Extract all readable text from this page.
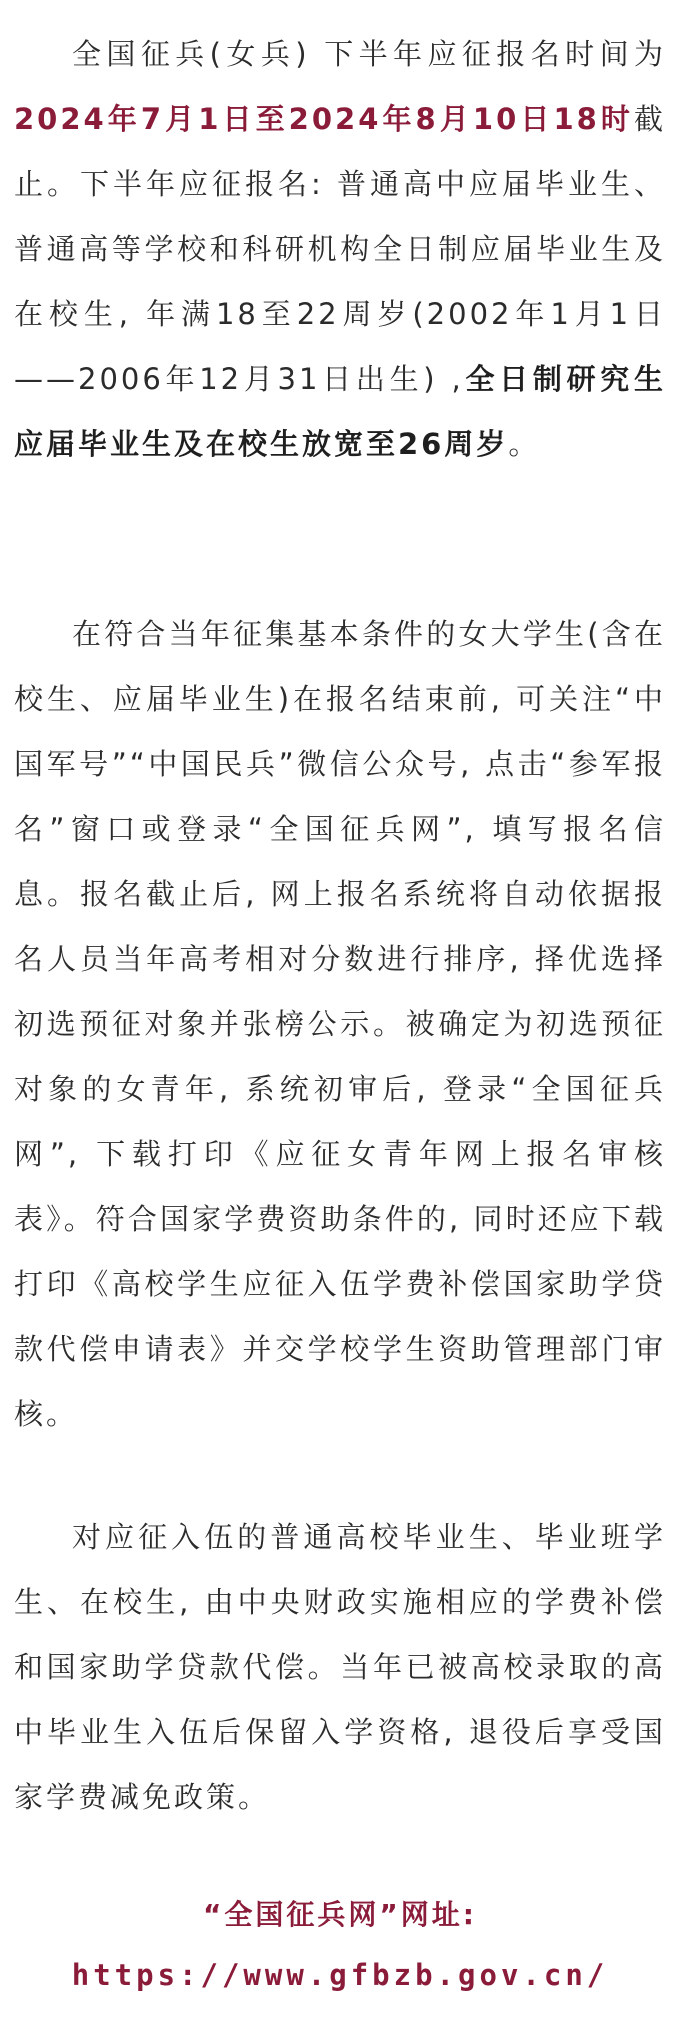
全国征兵(女兵) 下半年应征报名时间为2024年7月1日至2024年8月10日18时截止。下半年应征报名: 普通高中应届毕业生、普通高等学校和科研机构全日制应届毕业生及在校生, 年满18至22周岁(2002年1月1日——2006年12月31日出生) ,全日制研究生应届毕业生及在校生放宽至26周岁。

在符合当年征集基本条件的女大学生(含在校生、应届毕业生)在报名结束前, 可关注“中国军号”“中国民兵”微信公众号, 点击“参军报名”窗口或登录“全国征兵网”, 填写报名信息。报名截止后, 网上报名系统将自动依据报名人员当年高考相对分数进行排序, 择优选择初选预征对象并张榜公示。被确定为初选预征对象的女青年, 系统初审后, 登录“全国征兵网”, 下载打印《应征女青年网上报名审核表》。符合国家学费资助条件的, 同时还应下载打印《高校学生应征入伍学费补偿国家助学贷款代偿申请表》并交学校学生资助管理部门审核。

对应征入伍的普通高校毕业生、毕业班学生、在校生, 由中央财政实施相应的学费补偿和国家助学贷款代偿。当年已被高校录取的高中毕业生入伍后保留入学资格, 退役后享受国家学费减免政策。

“全国征兵网”网址:
https://www.gfbzb.gov.cn/
